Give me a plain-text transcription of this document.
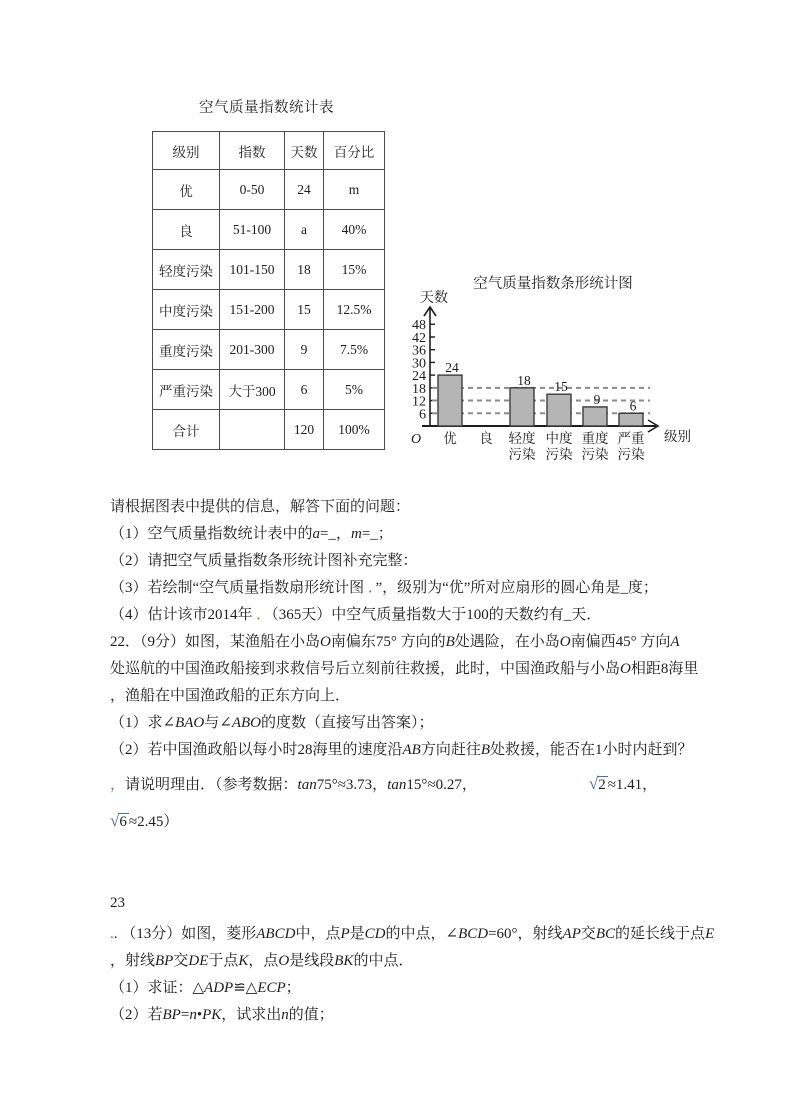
空气质量指数统计表
级别	指数	天数	百分比
优	0-50	24	m
良	51-100	a	40%
轻度污染	101-150	18	15%
中度污染	151-200	15	12.5%
重度污染	201-300	9	7.5%
严重污染	大于300	6	5%
合计		120	100%
空气质量指数条形统计图
天数
级别
O
6
12
18
24
30
36
42
48
24
18 15
9 6
优 良 轻度
污染
中度
污染
重度
污染
严重
污染
请根据图表中提供的信息，解答下面的问题：
（1）空气质量指数统计表中的a=_，m=_；
（2）请把空气质量指数条形统计图补充完整：
（3）若绘制“空气质量指数扇形统计图 ．”，级别为“优”所对应扇形的圆心角是_度；
（4）估计该市2014年 ．（365天）中空气质量指数大于100的天数约有_天．
22．（9分）如图，某渔船在小岛O南偏东75° 方向的B处遇险，在小岛O南偏西45° 方向A
处巡航的中国渔政船接到求救信号后立刻前往救援，此时，中国渔政船与小岛O相距8海里
，渔船在中国渔政船的正东方向上．
（1）求∠BAO与∠ABO的度数（直接写出答案）；
（2）若中国渔政船以每小时28海里的速度沿AB方向赶往B处救援，能否在1小时内赶到？
，请说明理由．（参考数据：tan75°≈3.73，tan15°≈0.27，	√2 ≈1.41，
√6 ≈2.45）
23
.. （13分）如图，菱形ABCD中，点P是CD的中点，∠BCD=60°，射线AP交BC的延长线于点E
，射线BP交DE于点K，点O是线段BK的中点．
（1）求证：△ADP≌△ECP；
（2）若BP=n•PK，试求出n的值；
